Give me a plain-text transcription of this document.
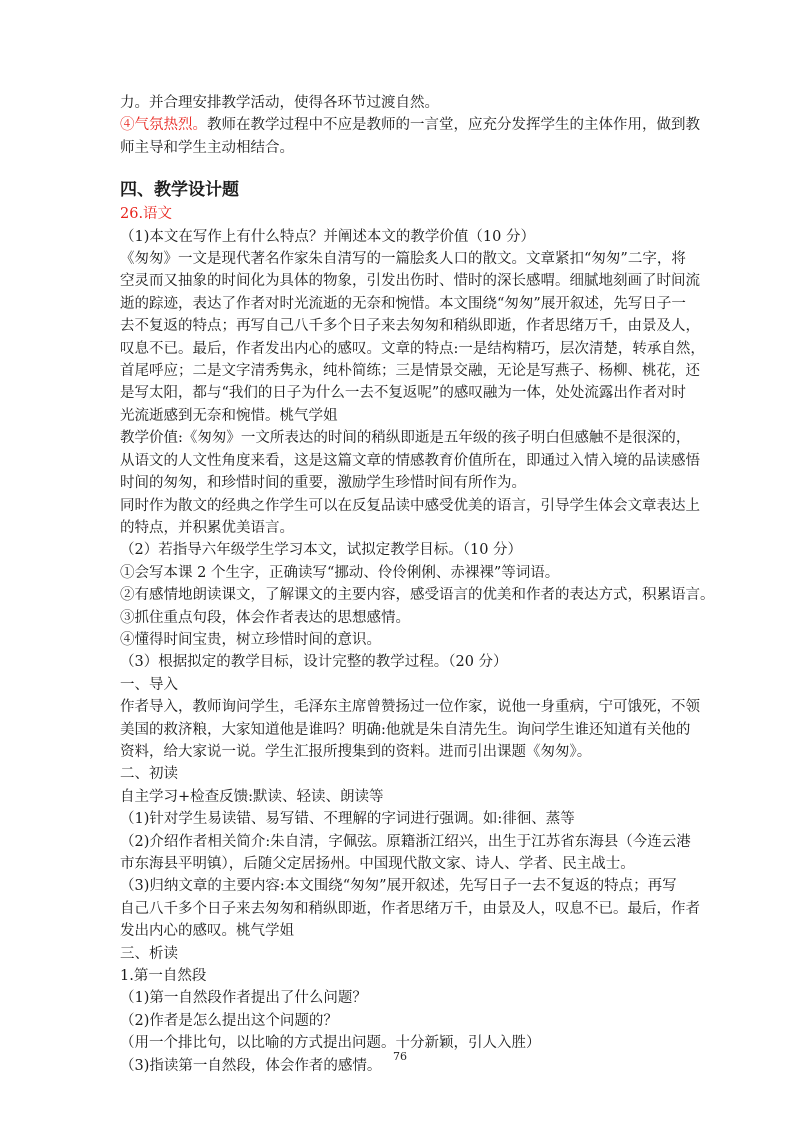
力。并合理安排教学活动，使得各环节过渡自然。
④气氛热烈。教师在教学过程中不应是教师的一言堂，应充分发挥学生的主体作用，做到教
师主导和学生主动相结合。
四、教学设计题
26.语文
（1)本文在写作上有什么特点？并阐述本文的教学价值（10 分）
《匆匆》一文是现代著名作家朱自清写的一篇脍炙人口的散文。文章紧扣“匆匆”二字，将
空灵而又抽象的时间化为具体的物象，引发出伤时、惜时的深长感喟。细腻地刻画了时间流
逝的踪迹，表达了作者对时光流逝的无奈和惋惜。本文围绕“匆匆”展开叙述，先写日子一
去不复返的特点；再写自己八千多个日子来去匆匆和稍纵即逝，作者思绪万千，由景及人，
叹息不已。最后，作者发出内心的感叹。文章的特点:一是结构精巧，层次清楚，转承自然，
首尾呼应；二是文字清秀隽永，纯朴简练；三是情景交融，无论是写燕子、杨柳、桃花，还
是写太阳，都与“我们的日子为什么一去不复返呢”的感叹融为一体，处处流露出作者对时
光流逝感到无奈和惋惜。桃气学姐
教学价值:《匆匆》一文所表达的时间的稍纵即逝是五年级的孩子明白但感触不是很深的，
从语文的人文性角度来看，这是这篇文章的情感教育价值所在，即通过入情入境的品读感悟
时间的匆匆，和珍惜时间的重要，激励学生珍惜时间有所作为。
同时作为散文的经典之作学生可以在反复品读中感受优美的语言，引导学生体会文章表达上
的特点，并积累优美语言。
（2）若指导六年级学生学习本文，试拟定教学目标。（10 分）
①会写本课 2 个生字，正确读写“挪动、伶伶俐俐、赤裸裸”等词语。
②有感情地朗读课文，了解课文的主要内容，感受语言的优美和作者的表达方式，积累语言。
③抓住重点句段，体会作者表达的思想感情。
④懂得时间宝贵，树立珍惜时间的意识。
（3）根据拟定的教学目标，设计完整的教学过程。（20 分）
一、导入
作者导入，教师询问学生，毛泽东主席曾赞扬过一位作家，说他一身重病，宁可饿死，不领
美国的救济粮，大家知道他是谁吗？明确:他就是朱自清先生。询问学生谁还知道有关他的
资料，给大家说一说。学生汇报所搜集到的资料。进而引出课题《匆匆》。
二、初读
自主学习+检查反馈:默读、轻读、朗读等
（1)针对学生易读错、易写错、不理解的字词进行强调。如:徘徊、蒸等
（2)介绍作者相关简介:朱自清，字佩弦。原籍浙江绍兴，出生于江苏省东海县（今连云港
市东海县平明镇），后随父定居扬州。中国现代散文家、诗人、学者、民主战士。
（3)归纳文章的主要内容:本文围绕“匆匆”展开叙述，先写日子一去不复返的特点；再写
自己八千多个日子来去匆匆和稍纵即逝，作者思绪万千，由景及人，叹息不已。最后，作者
发出内心的感叹。桃气学姐
三、析读
1.第一自然段
（1)第一自然段作者提出了什么问题？
（2)作者是怎么提出这个问题的？
（用一个排比句，以比喻的方式提出问题。十分新颖，引人入胜）
（3)指读第一自然段，体会作者的感情。
76
